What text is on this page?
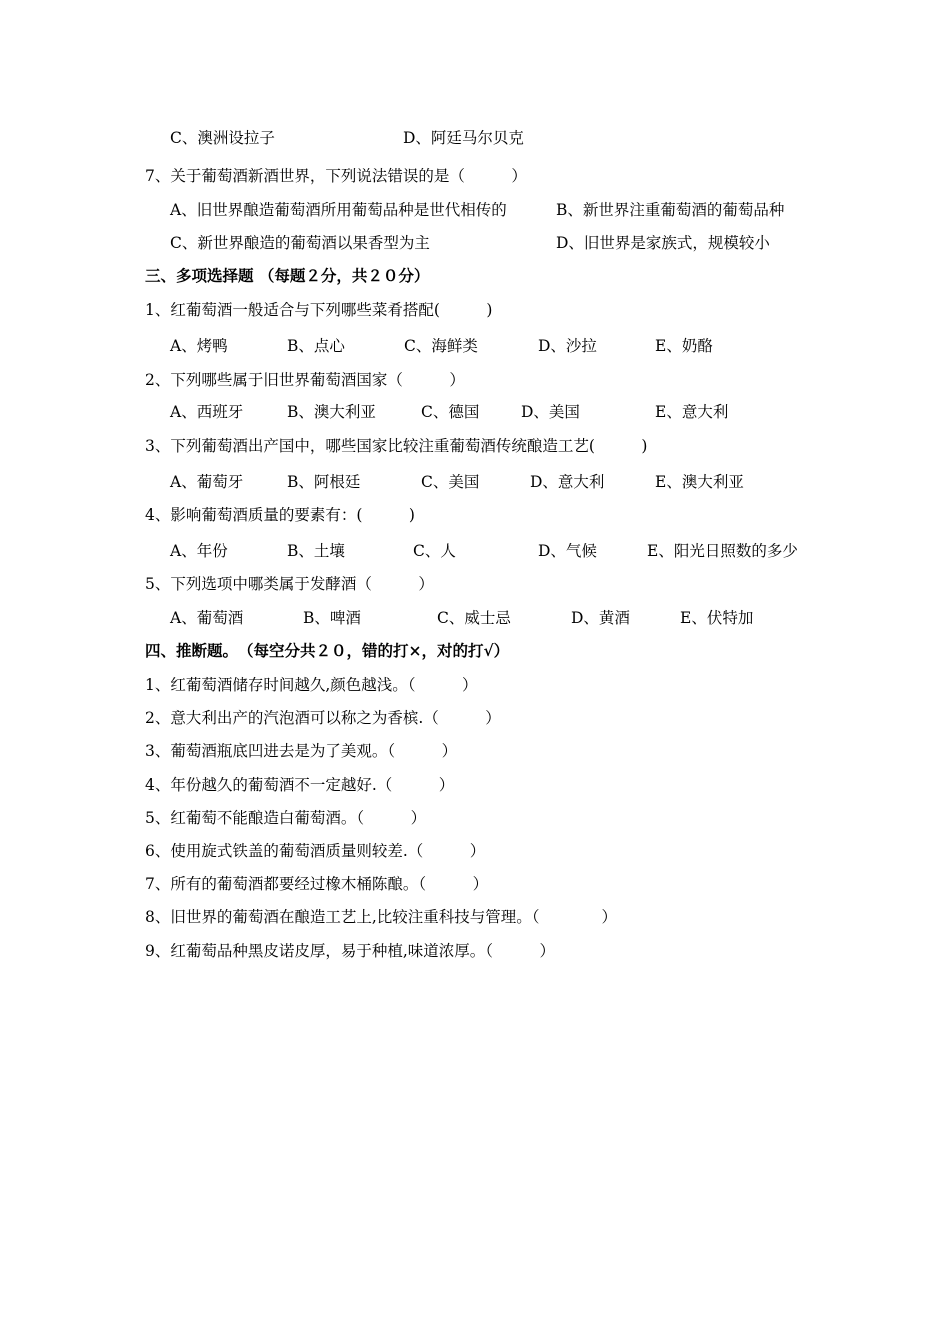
C、澳洲设拉子	D、阿廷马尔贝克
7、关于葡萄酒新酒世界，下列说法错误的是（　　　）
A、旧世界酿造葡萄酒所用葡萄品种是世代相传的	B、新世界注重葡萄酒的葡萄品种
C、新世界酿造的葡萄酒以果香型为主	D、旧世界是家族式，规模较小
三、多项选择题 （每题２分，共２０分）
1、红葡萄酒一般适合与下列哪些菜肴搭配(　　　)
A、烤鸭	B、点心	C、海鲜类	D、沙拉	E、奶酪
2、下列哪些属于旧世界葡萄酒国家（　　　）
A、西班牙	B、澳大利亚	C、德国	D、美国	E、意大利
3、下列葡萄酒出产国中，哪些国家比较注重葡萄酒传统酿造工艺(　　　)
A、葡萄牙	B、阿根廷	C、美国	D、意大利	E、澳大利亚
4、影响葡萄酒质量的要素有：(　　　)
A、年份	B、土壤	C、人	D、气候	E、阳光日照数的多少
5、下列选项中哪类属于发酵酒（　　　）
A、葡萄酒	B、啤酒	C、威士忌	D、黄酒	E、伏特加
四、推断题。　（每空分共２０，错的打×，对的打√）
1、红葡萄酒储存时间越久,颜色越浅。（　　　）
2、意大利出产的汽泡酒可以称之为香槟.（　　　）
3、葡萄酒瓶底凹进去是为了美观。（　　　）
4、年份越久的葡萄酒不一定越好.（　　　）
5、红葡萄不能酿造白葡萄酒。（　　　）
6、使用旋式铁盖的葡萄酒质量则较差.（　　　）
7、所有的葡萄酒都要经过橡木桶陈酿。（　　　）
8、旧世界的葡萄酒在酿造工艺上,比较注重科技与管理。（　　　　）
9、红葡萄品种黑皮诺皮厚，易于种植,味道浓厚。（　　　）
